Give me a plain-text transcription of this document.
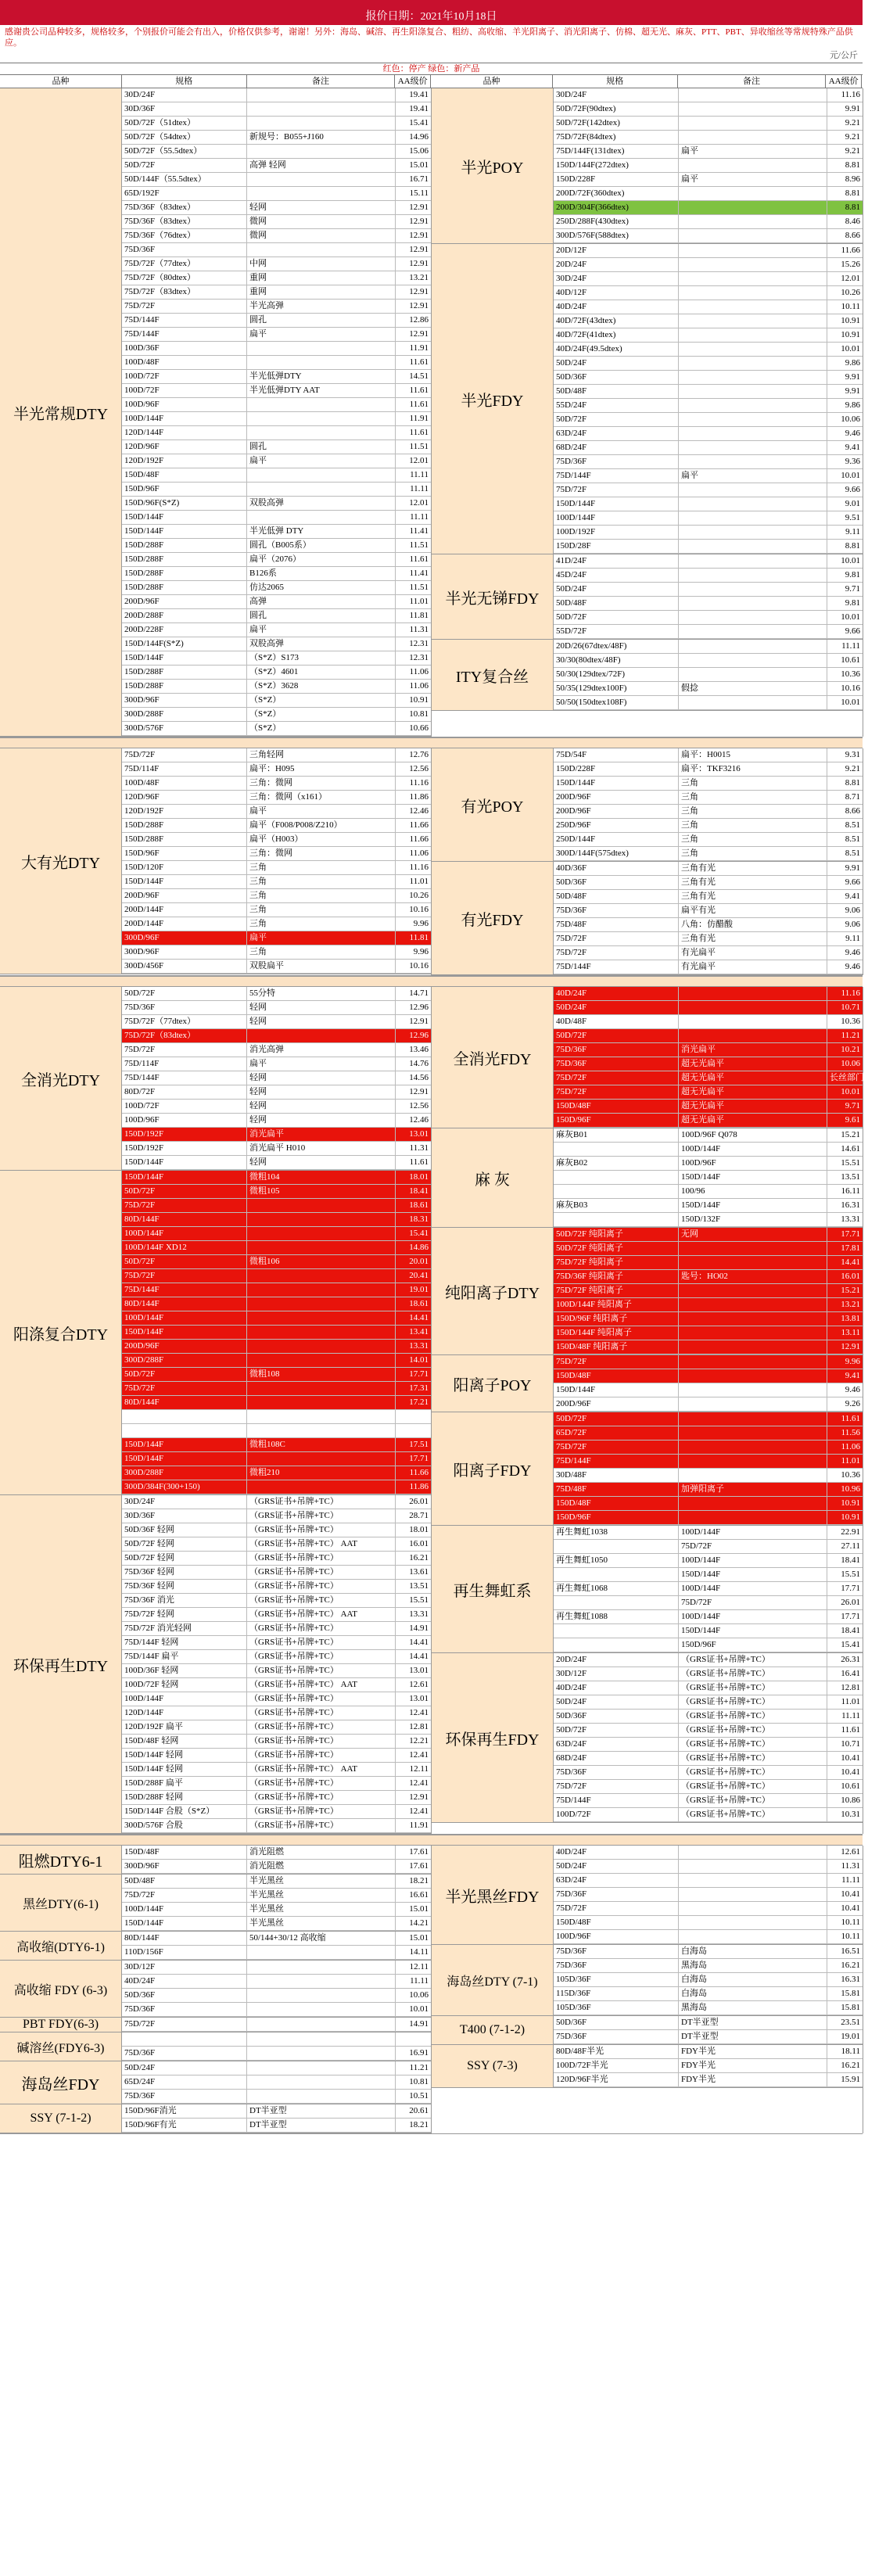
报价日期：2021年10月18日
感谢贵公司品种较多，规格较多，个别报价可能会有出入，价格仅供参考，谢谢！另外：海岛、碱溶、再生阳涤复合、粗纺、高收缩、羊光阳离子、消光阳离子、仿棉、超无光、麻灰、PTT、PBT、异收缩丝等常规特殊产品供应。
元/公斤
红色：停产 绿色：新产品
品种	规格	备注	AA级价	品种	规格	备注	AA级价
半光常规DTY
30D/24F	19.41
30D/36F	19.41
50D/72F（51dtex）	15.41
50D/72F（54dtex）	新规号：B055+J160	14.96
50D/72F（55.5dtex）	15.06
50D/72F	高弹 轻网	15.01
50D/144F（55.5dtex）	16.71
65D/192F	15.11
75D/36F（83dtex）	轻网	12.91
75D/36F（83dtex）	微网	12.91
75D/36F（76dtex）	微网	12.91
75D/36F	12.91
75D/72F（77dtex）	中网	12.91
75D/72F（80dtex）	重网	13.21
75D/72F（83dtex）	重网	12.91
75D/72F	半光高弹	12.91
75D/144F	圆孔	12.86
75D/144F	扁平	12.91
100D/36F	11.91
100D/48F	11.61
100D/72F	半光低弹DTY	14.51
100D/72F	半光低弹DTY AAT	11.61
100D/96F	11.61
100D/144F	11.91
120D/144F	11.61
120D/96F	圆孔	11.51
120D/192F	扁平	12.01
150D/48F	11.11
150D/96F	11.11
150D/96F(S*Z)	双股高弹	12.01
150D/144F	11.11
150D/144F	半光低弹 DTY	11.41
150D/288F	圆孔（B005系）	11.51
150D/288F	扁平（2076）	11.61
150D/288F	B126系	11.41
150D/288F	仿达2065	11.51
200D/96F	高弹	11.01
200D/288F	圆孔	11.81
200D/228F	扁平	11.31
150D/144F(S*Z)	双股高弹	12.31
150D/144F	（S*Z）S173	12.31
150D/288F	（S*Z）4601	11.06
150D/288F	（S*Z）3628	11.06
300D/96F	（S*Z）	10.91
300D/288F	（S*Z）	10.81
300D/576F	（S*Z）	10.66
半光POY
30D/24F	11.16
50D/72F(90dtex)	9.91
50D/72F(142dtex)	9.21
75D/72F(84dtex)	9.21
75D/144F(131dtex)	扁平	9.21
150D/144F(272dtex)	8.81
150D/228F	扁平	8.96
200D/72F(360dtex)	8.81
200D/304F(366dtex)	8.81
250D/288F(430dtex)	8.46
300D/576F(588dtex)	8.66
半光FDY
20D/12F	11.66
20D/24F	15.26
30D/24F	12.01
40D/12F	10.26
40D/24F	10.11
40D/72F(43dtex)	10.91
40D/72F(41dtex)	10.91
40D/24F(49.5dtex)	10.01
50D/24F	9.86
50D/36F	9.91
50D/48F	9.91
55D/24F	9.86
50D/72F	10.06
63D/24F	9.46
68D/24F	9.41
75D/36F	9.36
75D/144F	扁平	10.01
75D/72F	9.66
150D/144F	9.01
100D/144F	9.51
100D/192F	9.11
150D/28F	8.81
半光无锑FDY
41D/24F	10.01
45D/24F	9.81
50D/24F	9.71
50D/48F	9.81
50D/72F	10.01
55D/72F	9.66
ITY复合丝
20D/26(67dtex/48F)	11.11
30/30(80dtex/48F)	10.61
50/30(129dtex/72F)	10.36
50/35(129dtex100F)	假捻	10.16
50/50(150dtex108F)	10.01
大有光DTY
75D/72F	三角轻网	12.76
75D/114F	扁平：H095	12.56
100D/48F	三角：微网	11.16
120D/96F	三角：微网（x161）	11.86
120D/192F	扁平	12.46
150D/288F	扁平（F008/P008/Z210）	11.66
150D/288F	扁平（H003）	11.66
150D/96F	三角：微网	11.06
150D/120F	三角	11.16
150D/144F	三角	11.01
200D/96F	三角	10.26
200D/144F	三角	10.16
200D/144F	三角	9.96
300D/96F	扁平	11.81
300D/96F	三角	9.96
300D/456F	双股扁平	10.16
有光POY
75D/54F	扁平：H0015	9.31
150D/228F	扁平：TKF3216	9.21
150D/144F	三角	8.81
200D/96F	三角	8.71
200D/96F	三角	8.66
250D/96F	三角	8.51
250D/144F	三角	8.51
300D/144F(575dtex)	三角	8.51
有光FDY
40D/36F	三角有光	9.91
50D/36F	三角有光	9.66
50D/48F	三角有光	9.41
75D/36F	扁平有光	9.06
75D/48F	八角：仿醋酸	9.06
75D/72F	三角有光	9.11
75D/72F	有光扁平	9.46
75D/144F	有光扁平	9.46
全消光DTY
50D/72F	55分特	14.71
75D/36F	轻网	12.96
75D/72F（77dtex）	轻网	12.91
75D/72F（83dtex）	12.96
75D/72F	消光高弹	13.46
75D/114F	扁平	14.76
75D/144F	轻网	14.56
80D/72F	轻网	12.91
100D/72F	轻网	12.56
100D/96F	轻网	12.46
150D/192F	消光扁平	13.01
150D/192F	消光扁平 H010	11.31
150D/144F	轻网	11.61
阳涤复合DTY
150D/144F	微粗104	18.01
50D/72F	微粗105	18.41
75D/72F	18.61
80D/144F	18.31
100D/144F	15.41
100D/144F XD12	14.86
50D/72F	微粗106	20.01
75D/72F	20.41
75D/144F	19.01
80D/144F	18.61
100D/144F	14.41
150D/144F	13.41
200D/96F	13.31
300D/288F	14.01
50D/72F	微粗108	17.71
75D/72F	17.31
80D/144F	17.21
150D/144F	微粗108C	17.51
150D/144F	17.71
300D/288F	微粗210	11.66
300D/384F(300+150)	11.86
环保再生DTY
30D/24F	（GRS证书+吊牌+TC）	26.01
30D/36F	（GRS证书+吊牌+TC）	28.71
50D/36F 轻网	（GRS证书+吊牌+TC）	18.01
50D/72F 轻网	（GRS证书+吊牌+TC） AAT	16.01
50D/72F 轻网	（GRS证书+吊牌+TC）	16.21
75D/36F 轻网	（GRS证书+吊牌+TC）	13.61
75D/36F 轻网	（GRS证书+吊牌+TC）	13.51
75D/36F 消光	（GRS证书+吊牌+TC）	15.51
75D/72F 轻网	（GRS证书+吊牌+TC） AAT	13.31
75D/72F 消光轻网	（GRS证书+吊牌+TC）	14.91
75D/144F 轻网	（GRS证书+吊牌+TC）	14.41
75D/144F 扁平	（GRS证书+吊牌+TC）	14.41
100D/36F 轻网	（GRS证书+吊牌+TC）	13.01
100D/72F 轻网	（GRS证书+吊牌+TC） AAT	12.61
100D/144F	（GRS证书+吊牌+TC）	13.01
120D/144F	（GRS证书+吊牌+TC）	12.41
120D/192F 扁平	（GRS证书+吊牌+TC）	12.81
150D/48F 轻网	（GRS证书+吊牌+TC）	12.21
150D/144F 轻网	（GRS证书+吊牌+TC）	12.41
150D/144F 轻网	（GRS证书+吊牌+TC） AAT	12.11
150D/288F 扁平	（GRS证书+吊牌+TC）	12.41
150D/288F 轻网	（GRS证书+吊牌+TC）	12.91
150D/144F 合股（S*Z）	（GRS证书+吊牌+TC）	12.41
300D/576F 合股	（GRS证书+吊牌+TC）	11.91
全消光FDY
40D/24F	11.16
50D/24F	10.71
40D/48F	10.36
50D/72F	11.21
75D/36F	消光扁平	10.21
75D/36F	超无光扁平	10.06
75D/72F	超无光扁平	长丝部门 10.01
75D/72F	超无光扁平	10.01
150D/48F	超无光扁平	9.71
150D/96F	超无光扁平	9.61
麻 灰
麻灰B01	100D/96F Q078	15.21
100D/144F	14.61
麻灰B02	100D/96F	15.51
150D/144F	13.51
100/96	16.11
麻灰B03	150D/144F	16.31
150D/132F	13.31
纯阳离子DTY
50D/72F 纯阳离子	无网	17.71
50D/72F 纯阳离子	17.81
75D/72F 纯阳离子	14.41
75D/36F 纯阳离子	匙号：HO02	16.01
75D/72F 纯阳离子	15.21
100D/144F 纯阳离子	13.21
150D/96F 纯阳离子	13.81
150D/144F 纯阳离子	13.11
150D/48F 纯阳离子	12.91
阳离子POY
75D/72F	9.96
150D/48F	9.41
150D/144F	9.46
200D/96F	9.26
阳离子FDY
50D/72F	11.61
65D/72F	11.56
75D/72F	11.06
75D/144F	11.01
30D/48F	10.36
75D/48F	加弹阳离子	10.96
150D/48F	10.91
150D/96F	10.91
再生舞虹系
再生舞虹1038	100D/144F	22.91
75D/72F	27.11
再生舞虹1050	100D/144F	18.41
150D/144F	15.51
再生舞虹1068	100D/144F	17.71
75D/72F	26.01
再生舞虹1088	100D/144F	17.71
150D/144F	18.41
150D/96F	15.41
环保再生FDY
20D/24F	（GRS证书+吊牌+TC）	26.31
30D/12F	（GRS证书+吊牌+TC）	16.41
40D/24F	（GRS证书+吊牌+TC）	12.81
50D/24F	（GRS证书+吊牌+TC）	11.01
50D/36F	（GRS证书+吊牌+TC）	11.11
50D/72F	（GRS证书+吊牌+TC）	11.61
63D/24F	（GRS证书+吊牌+TC）	10.71
68D/24F	（GRS证书+吊牌+TC）	10.41
75D/36F	（GRS证书+吊牌+TC）	10.41
75D/72F	（GRS证书+吊牌+TC）	10.61
75D/144F	（GRS证书+吊牌+TC）	10.86
100D/72F	（GRS证书+吊牌+TC）	10.31
阻燃DTY6-1
150D/48F	消光阻燃	17.61
300D/96F	消光阻燃	17.61
黑丝DTY(6-1)
50D/48F	半光黑丝	18.21
75D/72F	半光黑丝	16.61
100D/144F	半光黑丝	15.01
150D/144F	半光黑丝	14.21
高收缩(DTY6-1)
80D/144F	50/144+30/12 高收缩	15.01
110D/156F	14.11
高收缩 FDY (6-3)
30D/12F	12.11
40D/24F	11.11
50D/36F	10.06
75D/36F	10.01
PBT FDY(6-3)	75D/72F	14.91
碱溶丝(FDY6-3)	75D/36F	16.91
海岛丝FDY
50D/24F	11.21
65D/24F	10.81
75D/36F	10.51
SSY (7-1-2)
150D/96F消光	DT半亚型	20.61
150D/96F有光	DT半亚型	18.21
半光黑丝FDY
40D/24F	12.61
50D/24F	11.31
63D/24F	11.11
75D/36F	10.41
75D/72F	10.41
150D/48F	10.11
100D/96F	10.11
海岛丝DTY (7-1)
75D/36F	白海岛	16.51
75D/36F	黑海岛	16.21
105D/36F	白海岛	16.31
115D/36F	白海岛	15.81
105D/36F	黑海岛	15.81
T400 (7-1-2)
50D/36F	DT半亚型	23.51
75D/36F	DT半亚型	19.01
SSY (7-3)
80D/48F半光	FDY半光	18.11
100D/72F半光	FDY半光	16.21
120D/96F半光	FDY半光	15.91
